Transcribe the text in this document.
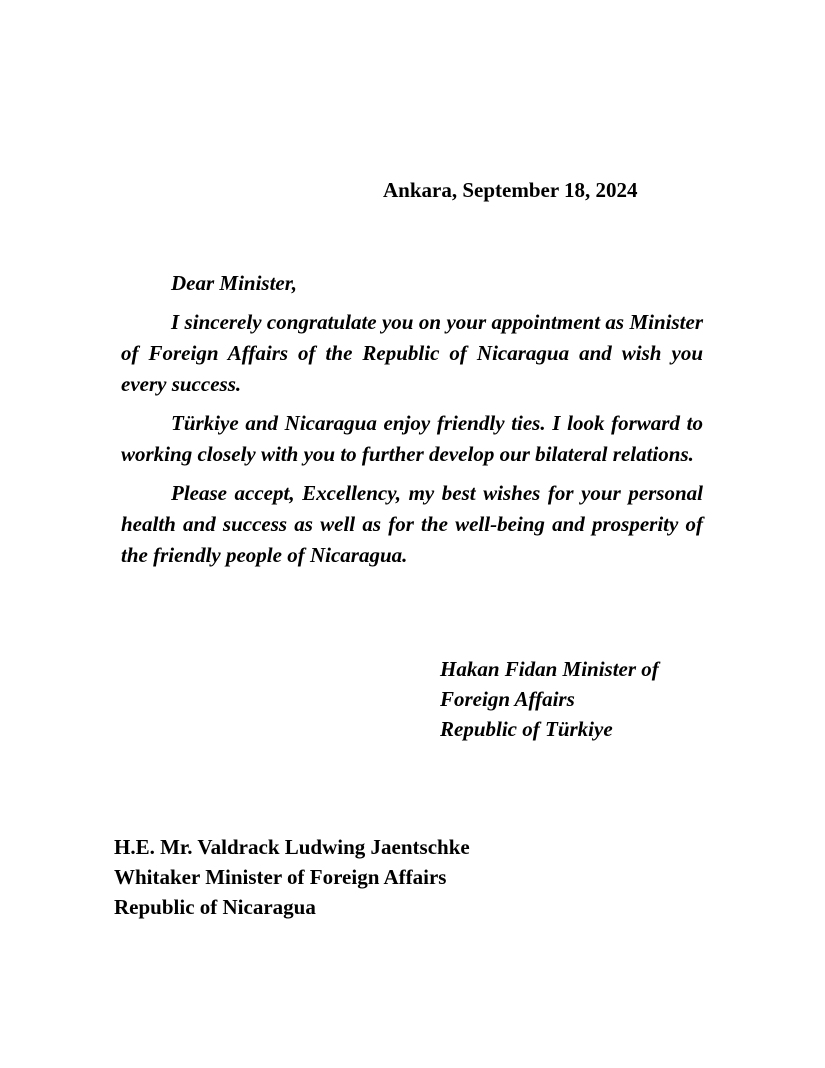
Ankara, September 18, 2024

Dear Minister,

I sincerely congratulate you on your appointment as Minister of Foreign Affairs of the Republic of Nicaragua and wish you every success.

Türkiye and Nicaragua enjoy friendly ties. I look forward to working closely with you to further develop our bilateral relations.

Please accept, Excellency, my best wishes for your personal health and success as well as for the well-being and prosperity of the friendly people of Nicaragua.

Hakan Fidan Minister of
Foreign Affairs
Republic of Türkiye
H.E. Mr. Valdrack Ludwing Jaentschke
Whitaker Minister of Foreign Affairs
Republic of Nicaragua
